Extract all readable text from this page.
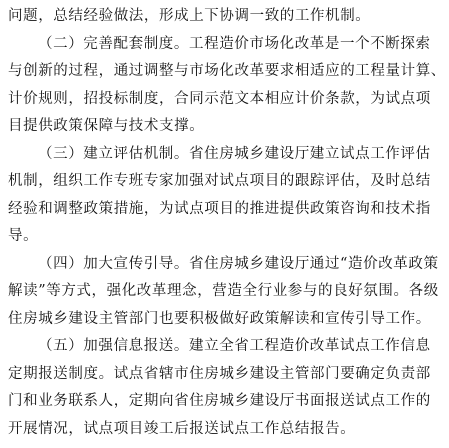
问题，总结经验做法，形成上下协调一致的工作机制。
（二）完善配套制度。工程造价市场化改革是一个不断探索
与创新的过程，通过调整与市场化改革要求相适应的工程量计算、
计价规则，招投标制度，合同示范文本相应计价条款，为试点项
目提供政策保障与技术支撑。
（三）建立评估机制。省住房城乡建设厅建立试点工作评估
机制，组织工作专班专家加强对试点项目的跟踪评估，及时总结
经验和调整政策措施，为试点项目的推进提供政策咨询和技术指
导。
（四）加大宣传引导。省住房城乡建设厅通过“造价改革政策
解读”等方式，强化改革理念，营造全行业参与的良好氛围。各级
住房城乡建设主管部门也要积极做好政策解读和宣传引导工作。
（五）加强信息报送。建立全省工程造价改革试点工作信息
定期报送制度。试点省辖市住房城乡建设主管部门要确定负责部
门和业务联系人，定期向省住房城乡建设厅书面报送试点工作的
开展情况，试点项目竣工后报送试点工作总结报告。
